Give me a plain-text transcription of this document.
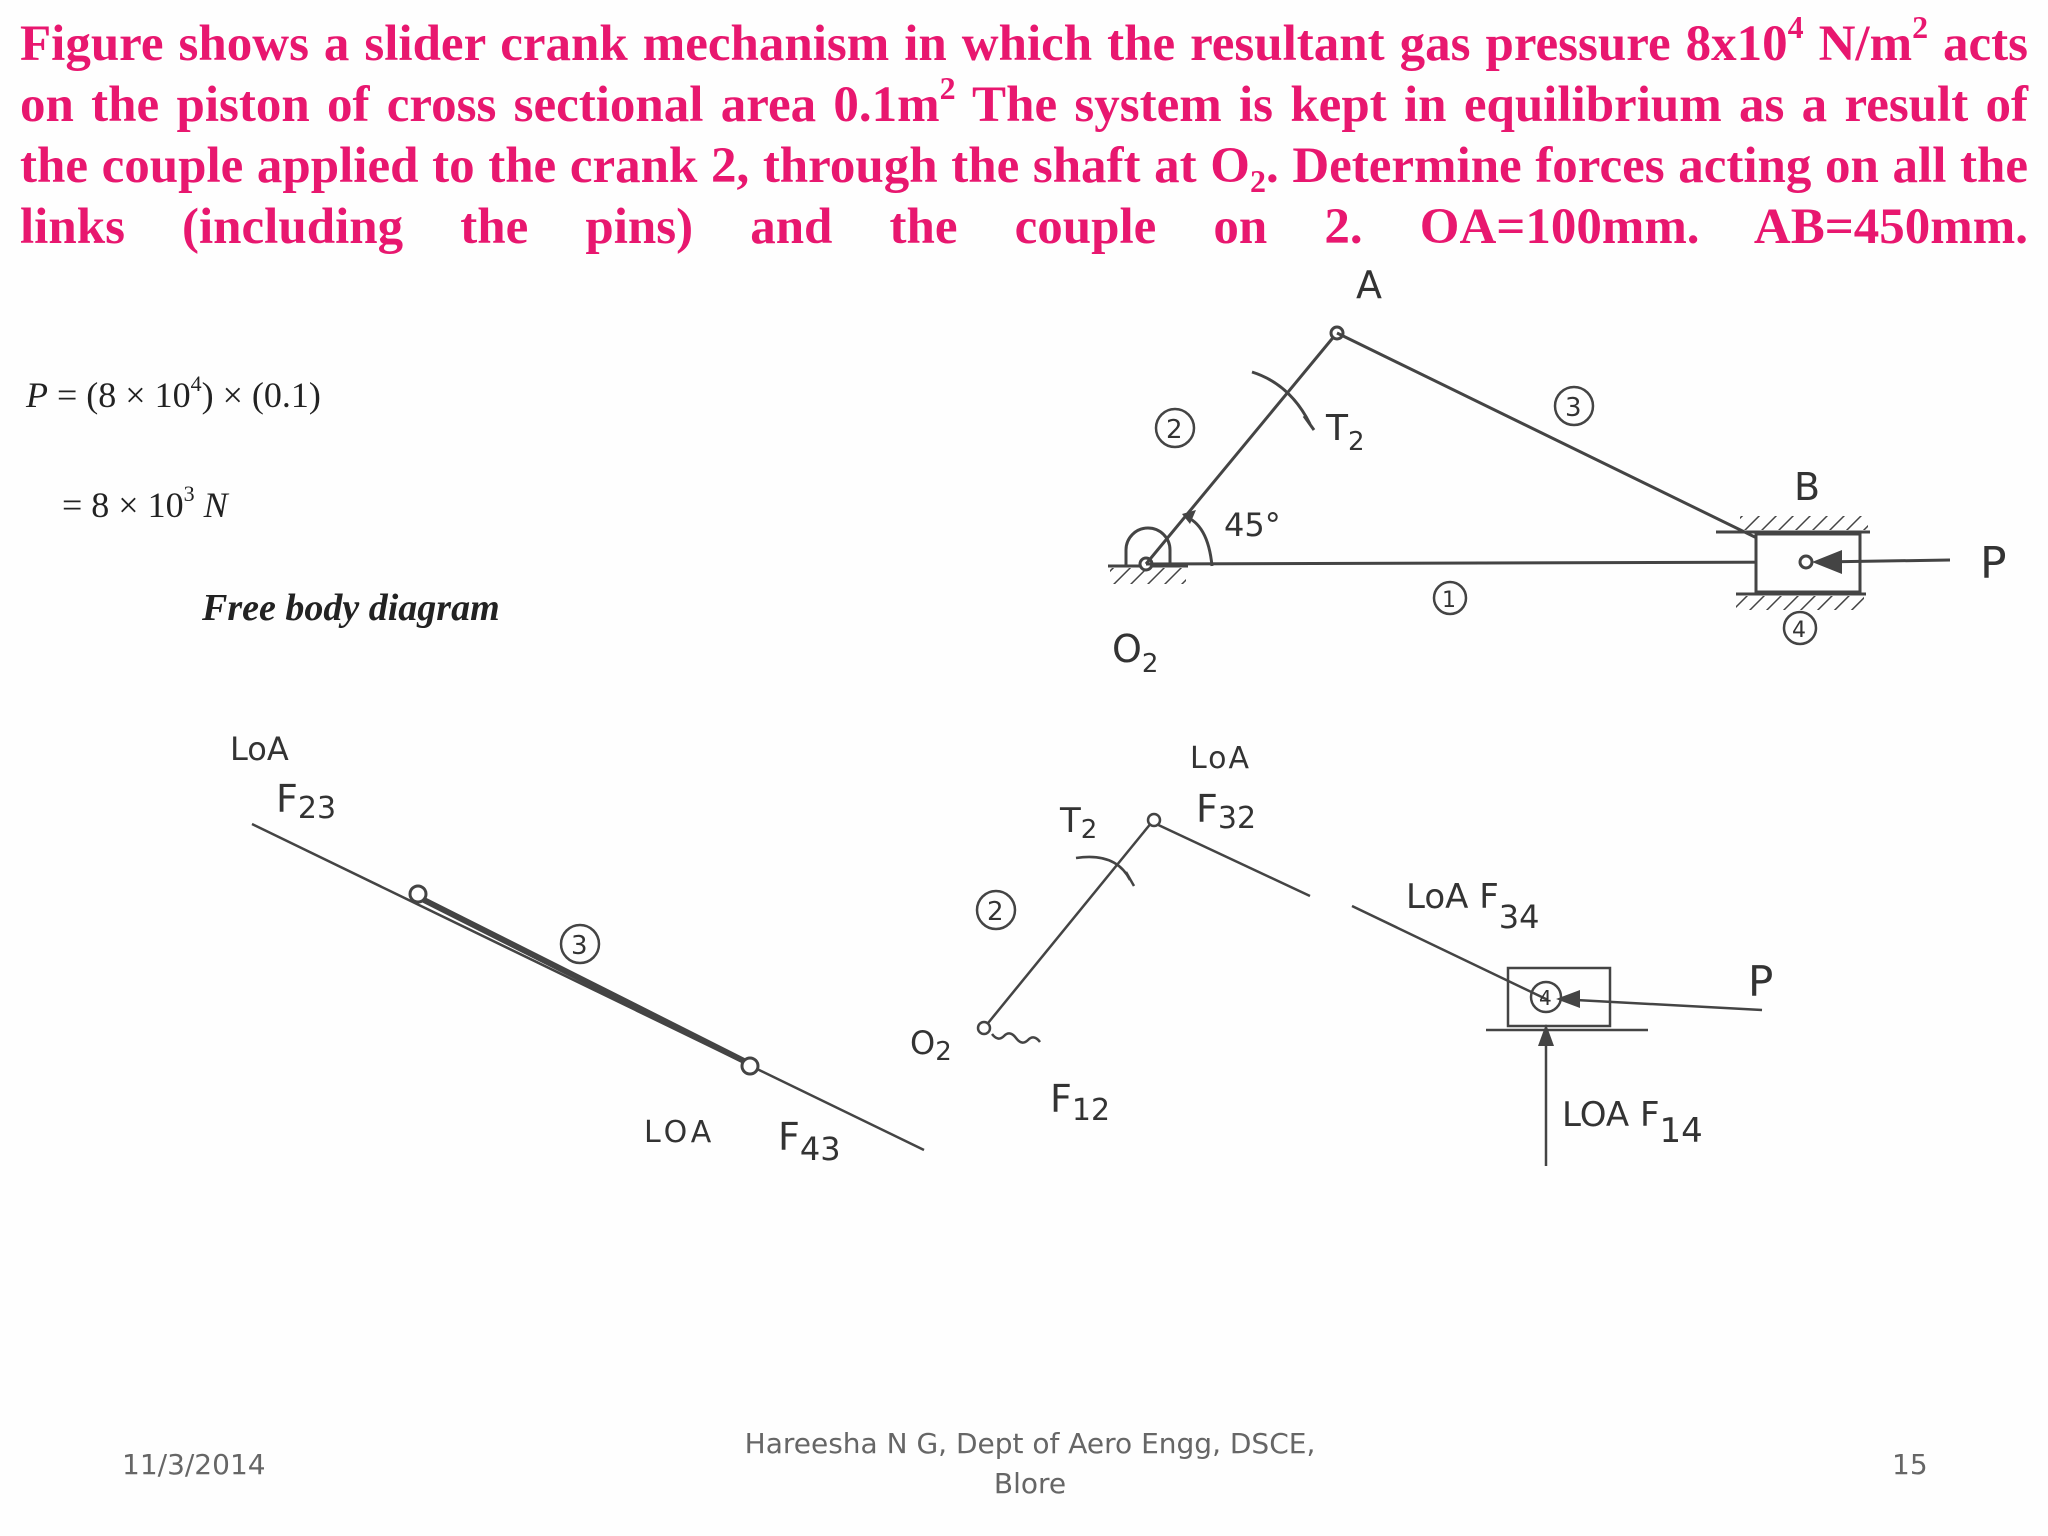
Figure shows a slider crank mechanism in which the resultant gas pressure $8x10^4$ $N/m^2$ acts on the piston of cross sectional area $0.1m^2$ The system is kept in equilibrium as a result of the couple applied to the crank 2, through the shaft at $O_2$. Determine forces acting on all the links (including the pins) and the couple on 2. OA=100mm. AB=450mm.

$P = (8 \times 10^4) \times (0.1)$
= $8 \times 10^3$ N

Free body diagram

A
B
$O_2$
$T_2$
45°
2
3
1
4
P
LoA
F23
3
LOA $F_{43}$
T2
LoA
F32
2
O2
$F_{12}$
LoA F34
4	P
LOA F14
11/3/2014
Hareesha N G, Dept of Aero Engg, DSCE,
Blore
15
